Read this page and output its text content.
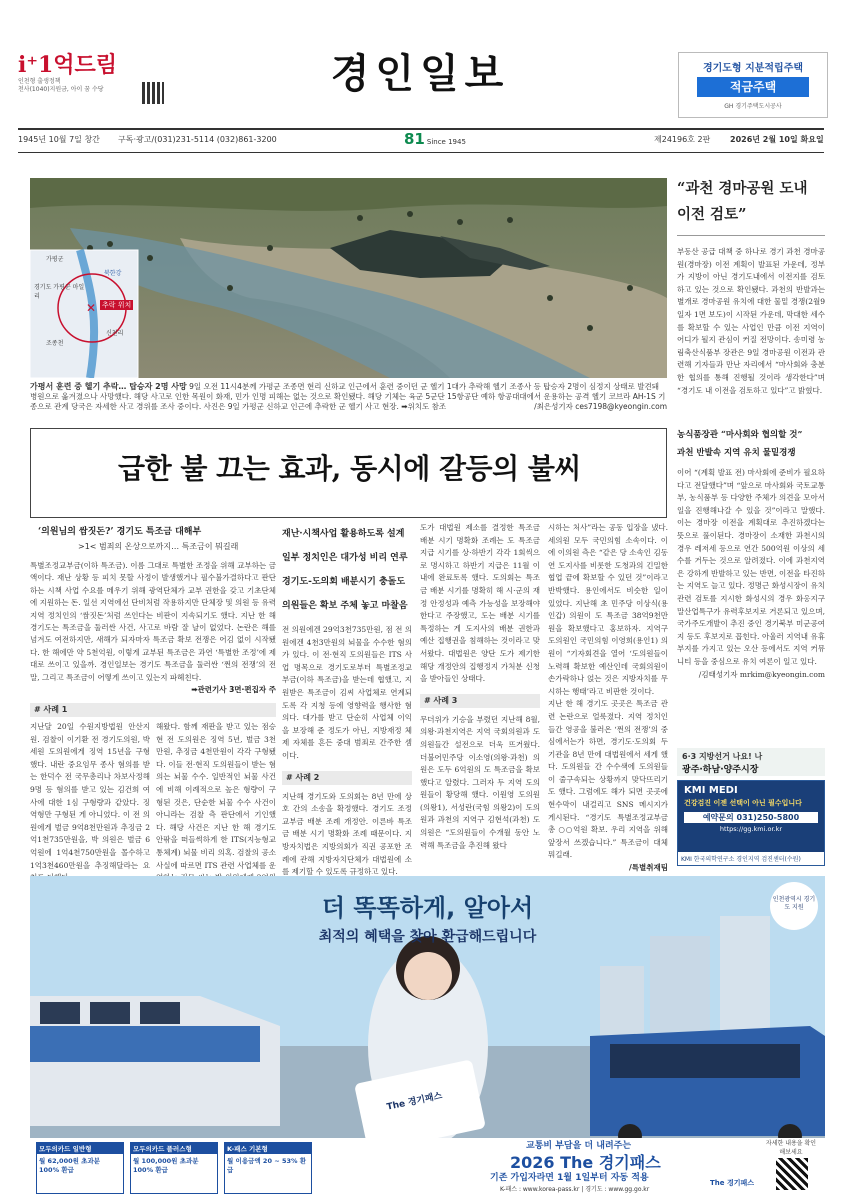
i⁺1억드림
인천형 출생정책
천사(1040)지원금, 아이 꿈 수당	경인일보	경기도형 지분적립주택
적금주택
GH 경기주택도시공사
1945년 10월 7일 창간 구독·광고/(031)231-5114 (032)861-3200	제24196호 2판 2026년 2월 10일 화요일
81 Since 1945
✕
경기도 가평군 마일리
북한강
추락 위치
조종천
신천리
가평군
가평서 훈련 중 헬기 추락… 탑승자 2명 사망 9일 오전 11시4분께 가평군 조종면 현리 신하교 인근에서 훈련 중이던 군 헬기 1대가 추락해 헬기 조종사 등 탑승자 2명이 심정지 상태로 발견돼 병원으로 옮겨졌으나 사망했다. 해당 사고로 인한 목원이 화재, 민가 인명 피해는 없는 것으로 확인됐다. 해당 기체는 육군 5군단 15항공단 예하 항공대대에서 운용하는 공격 헬기 코브라 AH-1S 기종으로 관계 당국은 자세한 사고 경위를 조사 중이다. 사진은 9일 가평군 신하교 인근에 추락한 군 헬기 사고 현장. ➡위치도 참조	/최은성기자 ces7198@kyeongin.com
“과천 경마공원 도내 이전 검토”
부동산 공급 대책 중 하나로 경기 과천 경마공원(경마장) 이전 계획이 발표된 가운데, 정부가 지방이 아닌 경기도내에서 이전지를 검토하고 있는 것으로 확인됐다. 과천의 반발과는 별개로 경마공원 유치에 대한 물밑 경쟁(2월9일자 1면 보도)이 시작된 가운데, 막대한 세수를 확보할 수 있는 사업인 만큼 이전 지역이 어디가 될지 관심이 커질 전망이다. 송미령 농림축산식품부 장관은 9일 경마공원 이전과 관련해 기자들과 만난 자리에서 “마사회와 충분한 협의를 통해 진행될 것이라 생각한다”며 “경기도 내 이전을 검토하고 있다”고 밝혔다.
농식품장관 “마사회와 협의할 것”
과천 반발속 지역 유치 물밑경쟁
이어 “(계획 발표 전) 마사회에 준비가 필요하다고 전달했다”며 “앞으로 마사회와 국토교통부, 농식품부 등 다양한 주체가 의견을 모아서 일을 진행해나갈 수 있을 것”이라고 말했다. 이는 경마장 이전을 계획대로 추진하겠다는 뜻으로 풀이된다. 경마장이 소재한 과천시의 경우 레저세 등으로 연간 500억원 이상의 세수를 거두는 것으로 알려졌다. 이에 과천지역은 강하게 반발하고 있는 반면, 이전을 타진하는 지역도 늘고 있다. 정명근 화성시장이 유치 관련 검토를 지시한 화성시의 경우 화옹지구 말산업특구가 유력후보지로 거론되고 있으며, 국가주도개발이 추진 중인 경기북부 미군공여지 등도 후보지로 꼽힌다. 아울러 지역내 유휴부지를 가지고 있는 오산 등에서도 지역 커뮤니티 등을 중심으로 유치 여론이 일고 있다.
/김태성기자 mrkim@kyeongin.com
6·3 지방선거 나요! 나
광주·하남·양주시장
KMI MEDI
건강검진 이젠 선택이 아닌 필수입니다
예약문의 031)250-5800
https://gg.kmi.or.kr
KMI 한국의학연구소 경인지역 검진센터(수원)
급한 불 끄는 효과, 동시에 갈등의 불씨
‘의원님의 쌈짓돈?’ 경기도 특조금 대해부
>1< 범죄의 온상으로까지… 특조금이 뭐길래
특별조정교부금(이하 특조금). 이름 그대로 특별한 조정을 위해 교부하는 금액이다. 재난 상황 등 피치 못할 사정이 발생했거나 필수불가결하다고 판단하는 시책 사업 수요를 메우기 위해 광역단체가 교부 권한을 갖고 기초단체에 지원하는 돈. 일선 지역에선 단비처럼 작용하지만 단체장 및 의원 등 유력 지역 정치인의 ‘쌈짓돈’처럼 쓰인다는 비판이 지속되기도 했다. 지난 한 해 경기도는 특조금을 둘러싼 사건, 사고로 바람 잘 날이 없었다. 논란은 해를 넘겨도 여전하지만, 새해가 되자마자 특조금 확보 전쟁은 어김 없이 시작됐다. 한 해에만 약 5천억원, 이렇게 교부된 특조금은 과연 ‘특별한 조정’에 제대로 쓰이고 있을까. 경인일보는 경기도 특조금을 둘러싼 ‘쩐의 전쟁’의 전말, 그리고 특조금이 어떻게 쓰이고 있는지 파헤친다.
➡관련기사 3면·편집자 주
# 사례 1
지난달 20일 수원지방법원 안산지원. 검찰이 이기환 전 경기도의원, 박세원 도의원에게 징역 15년을 구형했다. 내란 중요임무 종사 혐의를 받는 한덕수 전 국무총리나 차보사정해 9명 등 혐의를 받고 있는 김건희 여사에 대한 1심 구형량과 같았다. 징역형만 구형된 게 아니었다. 이 전 의원에게 벌금 9억8천만원과 추징금 2억1천735만원을, 박 의원은 벌금 6억원에 1억4천750만원을 몰수하고 1억3천460만원을 추징해달라는 요
해왔다. 함께 재판을 받고 있는 점승현 전 도의원은 징역 5년, 벌금 3천만원, 추징금 4천만원이 각각 구형됐다. 이들 전·현직 도의원들이 받는 혐의는 뇌물 수수. 일반적인 뇌물 사건에 비해 이례적으로 높은 형량이 구형된 것은, 단순한 뇌물 수수 사건이 아니라는 검찰 측 판단에서 기인했다. 해당 사건은 지난 한 해 경기도 안팎을 떠들썩하게 한 ITS(지능형교통체계) 뇌물 비리 의혹. 검찰의 공소 사실에 따르면 ITS 관련 사업체를 운
재난·시책사업 활용하도록 설계
일부 정치인은 대가성 비리 연루
경기도-도의회 배분시기 충돌도
의원들은 확보 주체 놓고 마찰음
전 의원에겐 29억3천735만원, 점 전 의원에겐 4천3만원의 뇌물을 수수한 혐의가 있다. 이 전·현직 도의원들은 ITS 사업 명목으로 경기도로부터 특별조정교부금(이하 특조금)을 받는데 협했고, 지원받은 특조금이 김씨 사업체로 연계되도록 각 지청 등에 영향력을 행사한 혐의다. 대가를 받고 단순히 사업체 이익을 보장해 준 정도가 아닌, 지방재정 체제 자체를 흔든 중대 범죄로 간주한 셈이다.
# 사례 2
지난해 경기도와 도의회는 8년 만에 상호 간의 소송을 확정했다. 경기도 조정교부금 배분 조례 개정안. 이른바 특조금 배분 시기 명확화 조례 때문이다. 지방자치법은 지방의회가 직권 공포한 조례에 관해 지방자치단체가 대법원에 소를 제기할 수 있도록 규정하고 있다.
도가 대법원 제소를 결정한 특조금 배분 시기 명확화 조례는 도 특조금 지급 시기를 상·하반기 각각 1회씩으로 명시하고 하반기 지급은 11월 이내에 완료토록 했다. 도의회는 특조금 배분 시기를 명확히 해 시·군의 재정 안정성과 예측 가능성을 보장해야 한다고 주장했고, 도는 배분 시기를 특정하는 게 도지사의 배분 권한과 예산 집행권을 침해하는 것이라고 맞서왔다. 대법원은 양단 도가 제기한 해당 개정안의 집행정지 가처분 신청을 받아들인 상태다.
# 사례 3
무더위가 기승을 부렸던 지난해 8월, 의왕·과천지역은 지역 국회의원과 도의원들간 설전으로 더욱 뜨거웠다. 더불어민주당 이소영(의왕·과천) 의원은 도두 6억원의 도 특조금을 확보했다고 알렸다. 그러자 두 지역 도의원들이 황당해 했다. 이원영 도의원(의왕1), 서성란(국힘 의왕2)이 도의원과 과천의 지역구 김현석(과천) 도의원은 “도의원들이 수개월 동안 노력해 특조금을 추진해 왔다
시하는 처사”라는 공동 입장을 냈다. 세의원 모두 국민의힘 소속이다. 이에 이의원 측은 “같은 당 소속인 김동연 도지사를 비롯한 도청과의 긴밀한 협업 끝에 확보할 수 있던 것”이라고 반박했다. 용인에서도 비슷한 일이 있었다. 지난해 초 민주당 이상식(용인갑) 의원이 도 특조금 38억9천만원을 확보했다고 홍보하자. 지역구 도의원인 국민의힘 이영희(용인1) 의원이 “기자회견을 열어 ‘도의원들이 노력해 확보한 예산인데 국회의원이 손가락하나 얹는 것은 지방자치를 무시하는 행태’라고 비판한 것이다.
지난 한 해 경기도 곳곳은 특조금 관련 논란으로 얼룩졌다. 지역 정치인들간 영공을 불러온 ‘쩐의 전쟁’의 중심에서는가 하면, 경기도·도의회 두 기관을 8년 만에 대법원에서 세게 했다. 도의원들 간 수수색에 도의원들이 줄구속되는 상황까지 맞닥뜨리기도 했다. 그럼에도 해가 되면 곳곳에 현수막이 내걸리고 SNS 메시지가 게시된다. “경기도 특별조정교부금 총 ○○억원 확보. 우리 지역을 위해 앞장서 쓰겠습니다.” 특조금이 대체 뭐길래.
/특별취재팀
더 똑똑하게, 알아서
최적의 혜택을 찾아 환급해드립니다
인천광역시 경기도 지원
The 경기패스
모두의카드 일반형
월 62,000원 초과분 100% 환급
모두의카드 플러스형
월 100,000원 초과분 100% 환급
K-패스 기본형
월 이용금액 20 ~ 53% 환급
교통비 부담을 더 내려주는
2026 The 경기패스
기존 가입자라면 1월 1일부터 자동 적용
K-패스 : www.korea-pass.kr | 경기도 : www.gg.go.kr
The 경기패스
자세한 내용을 확인해보세요
